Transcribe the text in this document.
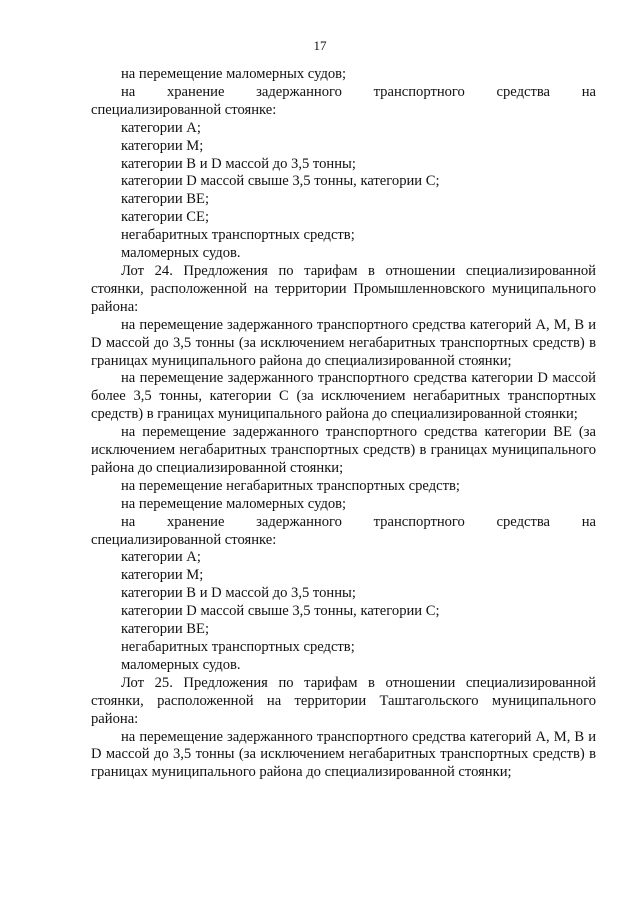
17

на перемещение маломерных судов;

на хранение задержанного транспортного средства на

специализированной стоянке:

категории А;

категории М;

категории В и D массой до 3,5 тонны;

категории D массой свыше 3,5 тонны, категории С;

категории ВЕ;

категории СЕ;

негабаритных транспортных средств;

маломерных судов.

Лот 24. Предложения по тарифам в отношении специализированной стоянки, расположенной на территории Промышленновского муниципального района:

на перемещение задержанного транспортного средства категорий А, М, В и D массой до 3,5 тонны (за исключением негабаритных транспортных средств) в границах муниципального района до специализированной стоянки;

на перемещение задержанного транспортного средства категории D массой более 3,5 тонны, категории С (за исключением негабаритных транспортных средств) в границах муниципального района до специализированной стоянки;

на перемещение задержанного транспортного средства категории ВЕ (за исключением негабаритных транспортных средств) в границах муниципального района до специализированной стоянки;

на перемещение негабаритных транспортных средств;

на перемещение маломерных судов;

на хранение задержанного транспортного средства на

специализированной стоянке:

категории А;

категории М;

категории В и D массой до 3,5 тонны;

категории D массой свыше 3,5 тонны, категории С;

категории ВЕ;

негабаритных транспортных средств;

маломерных судов.

Лот 25. Предложения по тарифам в отношении специализированной стоянки, расположенной на территории Таштагольского муниципального района:

на перемещение задержанного транспортного средства категорий А, М, В и D массой до 3,5 тонны (за исключением негабаритных транспортных средств) в границах муниципального района до специализированной стоянки;
